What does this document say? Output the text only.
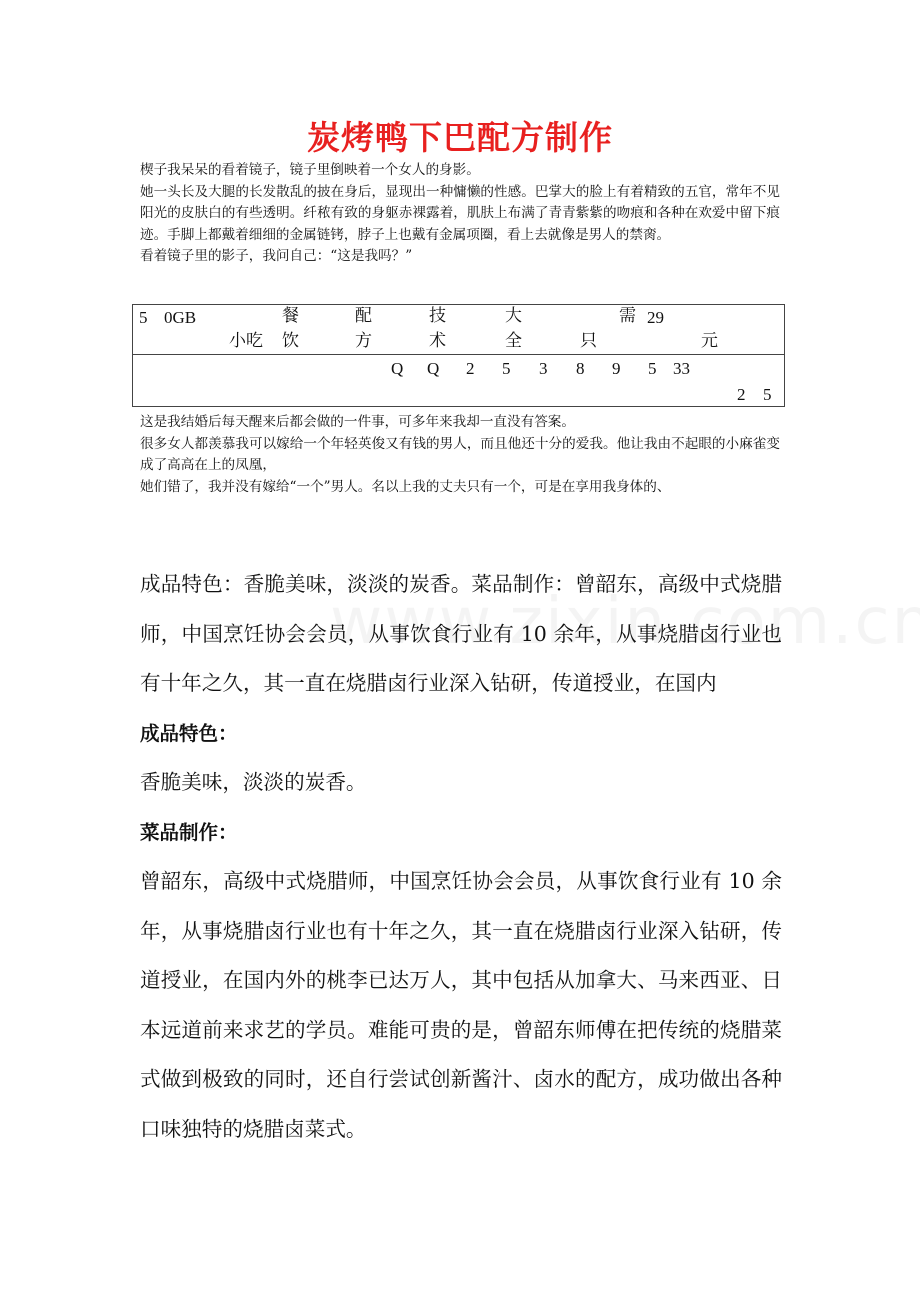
炭烤鸭下巴配方制作

楔子我呆呆的看着镜子，镜子里倒映着一个女人的身影。

她一头长及大腿的长发散乱的披在身后，显现出一种慵懒的性感。巴掌大的脸上有着精致的五官，常年不见阳光的皮肤白的有些透明。纤秾有致的身躯赤裸露着，肌肤上布满了青青紫紫的吻痕和各种在欢爱中留下痕迹。手脚上都戴着细细的金属链铐，脖子上也戴有金属项圈，看上去就像是男人的禁脔。

看着镜子里的影子，我问自己：“这是我吗？”

5 0GB	餐	配	技	大	需 29
小吃 饮	方	术	全	只	元
Q Q 2 5 3 8 9 5 33
2 5

这是我结婚后每天醒来后都会做的一件事，可多年来我却一直没有答案。

很多女人都羡慕我可以嫁给一个年轻英俊又有钱的男人，而且他还十分的爱我。他让我由不起眼的小麻雀变成了高高在上的凤凰，

她们错了，我并没有嫁给“一个”男人。名以上我的丈夫只有一个，可是在享用我身体的、

成品特色：香脆美味，淡淡的炭香。菜品制作：曾韶东，高级中式烧腊师，中国烹饪协会会员，从事饮食行业有 10 余年，从事烧腊卤行业也有十年之久，其一直在烧腊卤行业深入钻研，传道授业，在国内

成品特色：

香脆美味，淡淡的炭香。

菜品制作：

曾韶东，高级中式烧腊师，中国烹饪协会会员，从事饮食行业有 10 余年，从事烧腊卤行业也有十年之久，其一直在烧腊卤行业深入钻研，传道授业，在国内外的桃李已达万人，其中包括从加拿大、马来西亚、日本远道前来求艺的学员。难能可贵的是，曾韶东师傅在把传统的烧腊菜式做到极致的同时，还自行尝试创新酱汁、卤水的配方，成功做出各种口味独特的烧腊卤菜式。
